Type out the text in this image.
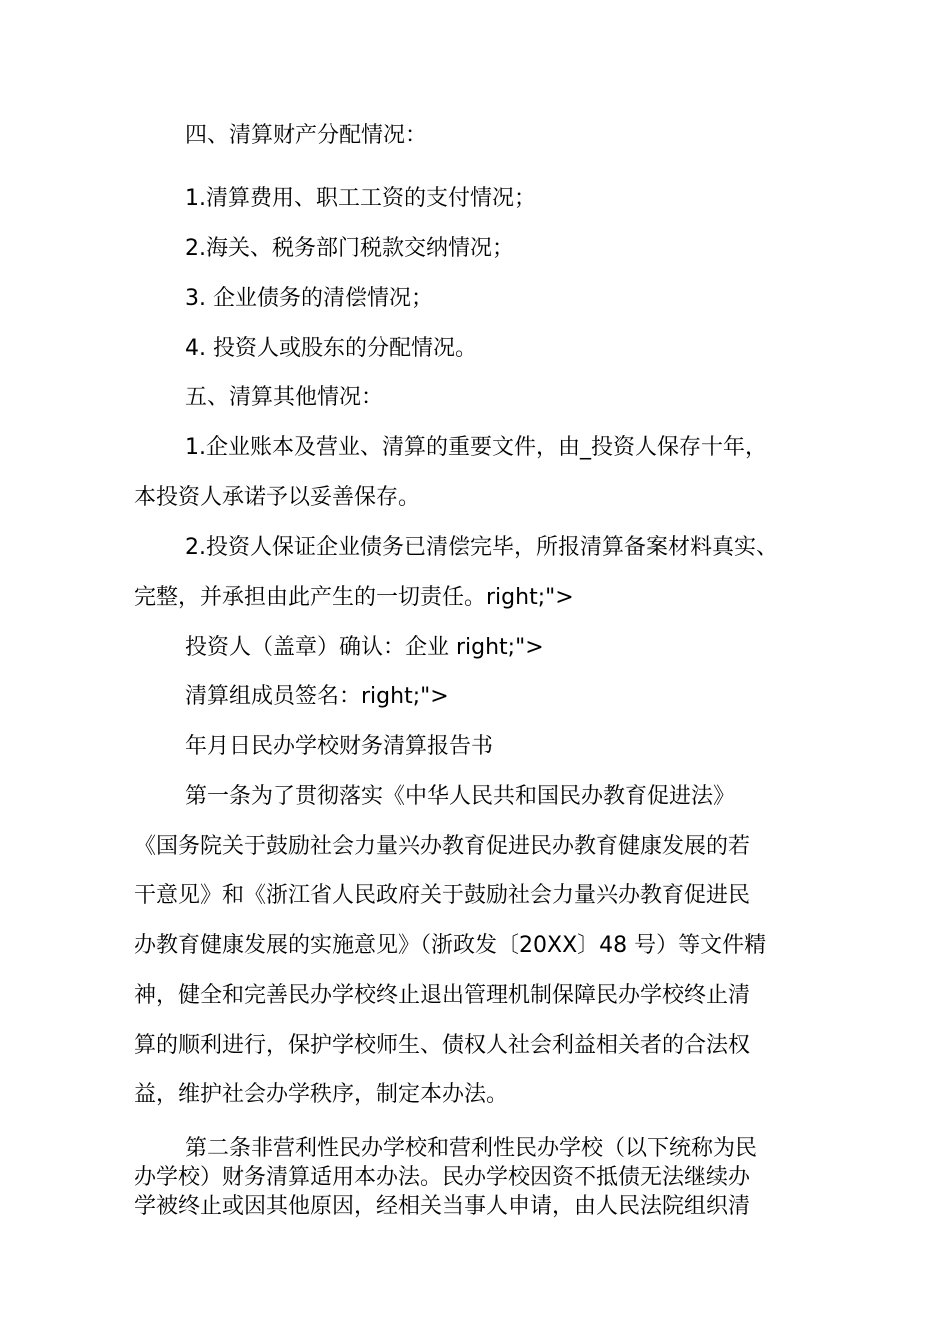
四、清算财产分配情况：
1.清算费用、职工工资的支付情况；
2.海关、税务部门税款交纳情况；
3. 企业债务的清偿情况；
4. 投资人或股东的分配情况。
五、清算其他情况：
1.企业账本及营业、清算的重要文件，由_投资人保存十年，
本投资人承诺予以妥善保存。
2.投资人保证企业债务已清偿完毕，所报清算备案材料真实、
完整，并承担由此产生的一切责任。right;">
投资人（盖章）确认：企业 right;">
清算组成员签名：right;">
年月日民办学校财务清算报告书
第一条为了贯彻落实《中华人民共和国民办教育促进法》
《国务院关于鼓励社会力量兴办教育促进民办教育健康发展的若
干意见》和《浙江省人民政府关于鼓励社会力量兴办教育促进民
办教育健康发展的实施意见》（浙政发〔20XX〕48 号）等文件精
神，健全和完善民办学校终止退出管理机制保障民办学校终止清
算的顺利进行，保护学校师生、债权人社会利益相关者的合法权
益，维护社会办学秩序，制定本办法。
第二条非营利性民办学校和营利性民办学校（以下统称为民
办学校）财务清算适用本办法。民办学校因资不抵债无法继续办
学被终止或因其他原因，经相关当事人申请，由人民法院组织清
